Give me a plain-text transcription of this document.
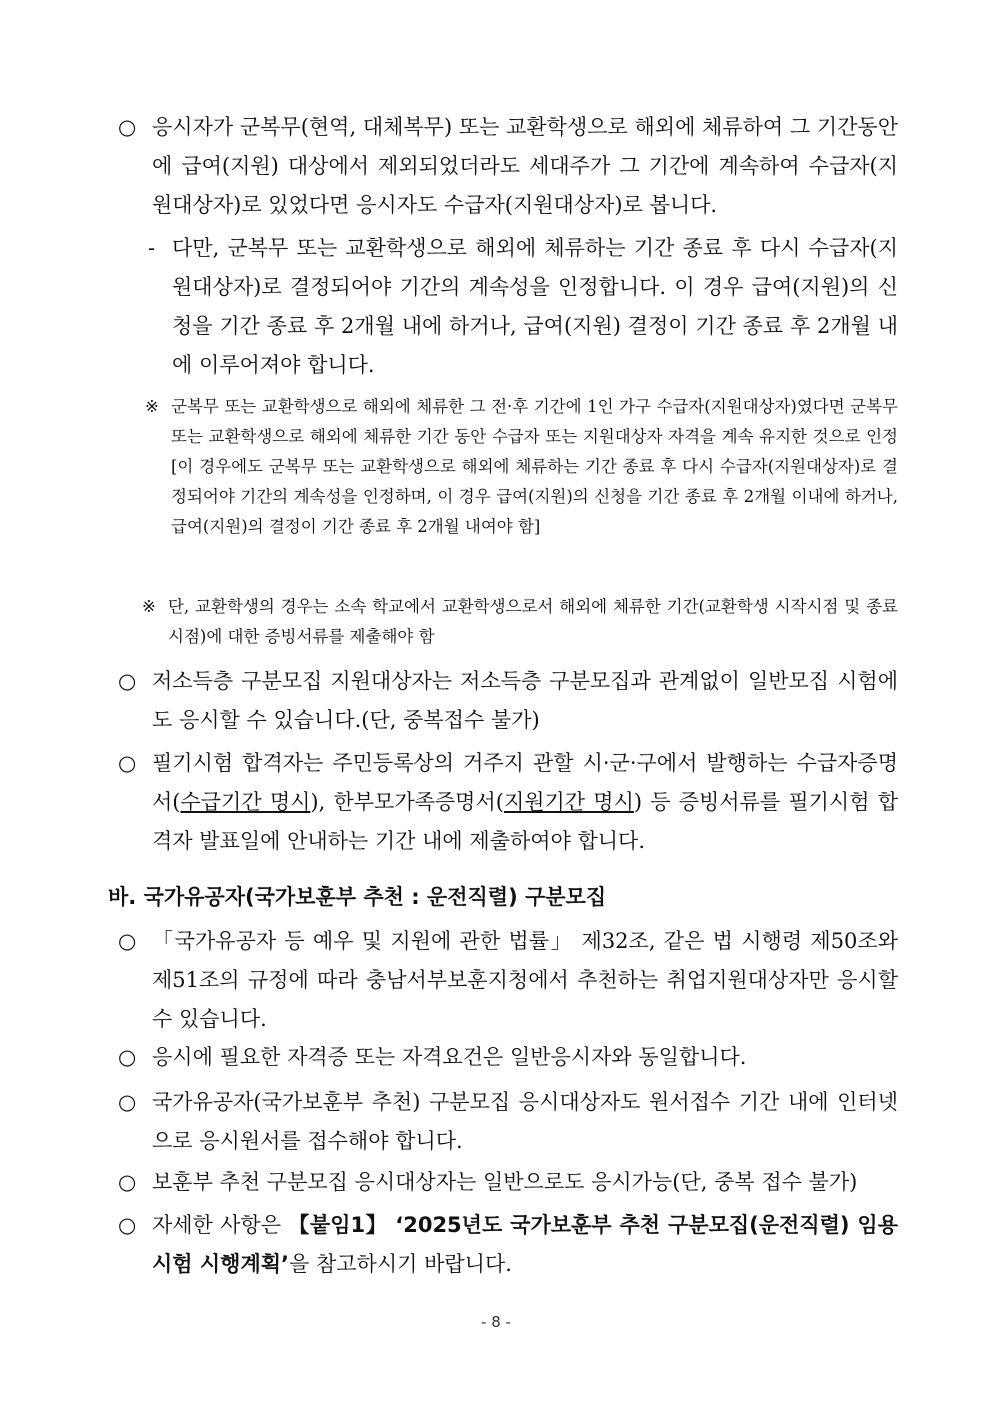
○ 응시자가 군복무(현역, 대체복무) 또는 교환학생으로 해외에 체류하여 그 기간동안에 급여(지원) 대상에서 제외되었더라도 세대주가 그 기간에 계속하여 수급자(지원대상자)로 있었다면 응시자도 수급자(지원대상자)로 봅니다.
- 다만, 군복무 또는 교환학생으로 해외에 체류하는 기간 종료 후 다시 수급자(지원대상자)로 결정되어야 기간의 계속성을 인정합니다. 이 경우 급여(지원)의 신청을 기간 종료 후 2개월 내에 하거나, 급여(지원) 결정이 기간 종료 후 2개월 내에 이루어져야 합니다.
※ 군복무 또는 교환학생으로 해외에 체류한 그 전·후 기간에 1인 가구 수급자(지원대상자)였다면 군복무 또는 교환학생으로 해외에 체류한 기간 동안 수급자 또는 지원대상자 자격을 계속 유지한 것으로 인정 [이 경우에도 군복무 또는 교환학생으로 해외에 체류하는 기간 종료 후 다시 수급자(지원대상자)로 결정되어야 기간의 계속성을 인정하며, 이 경우 급여(지원)의 신청을 기간 종료 후 2개월 이내에 하거나, 급여(지원)의 결정이 기간 종료 후 2개월 내여야 함]
※ 단, 교환학생의 경우는 소속 학교에서 교환학생으로서 해외에 체류한 기간(교환학생 시작시점 및 종료시점)에 대한 증빙서류를 제출해야 함
○ 저소득층 구분모집 지원대상자는 저소득층 구분모집과 관계없이 일반모집 시험에도 응시할 수 있습니다.(단, 중복접수 불가)
○ 필기시험 합격자는 주민등록상의 거주지 관할 시·군·구에서 발행하는 수급자증명서(수급기간 명시), 한부모가족증명서(지원기간 명시) 등 증빙서류를 필기시험 합격자 발표일에 안내하는 기간 내에 제출하여야 합니다.
바. 국가유공자(국가보훈부 추천 : 운전직렬) 구분모집
○ 「국가유공자 등 예우 및 지원에 관한 법률」 제32조, 같은 법 시행령 제50조와 제51조의 규정에 따라 충남서부보훈지청에서 추천하는 취업지원대상자만 응시할 수 있습니다.
○ 응시에 필요한 자격증 또는 자격요건은 일반응시자와 동일합니다.
○ 국가유공자(국가보훈부 추천) 구분모집 응시대상자도 원서접수 기간 내에 인터넷으로 응시원서를 접수해야 합니다.
○ 보훈부 추천 구분모집 응시대상자는 일반으로도 응시가능(단, 중복 접수 불가)
○ 자세한 사항은 【붙임1】 ‘2025년도 국가보훈부 추천 구분모집(운전직렬) 임용시험 시행계획’을 참고하시기 바랍니다.
- 8 -
